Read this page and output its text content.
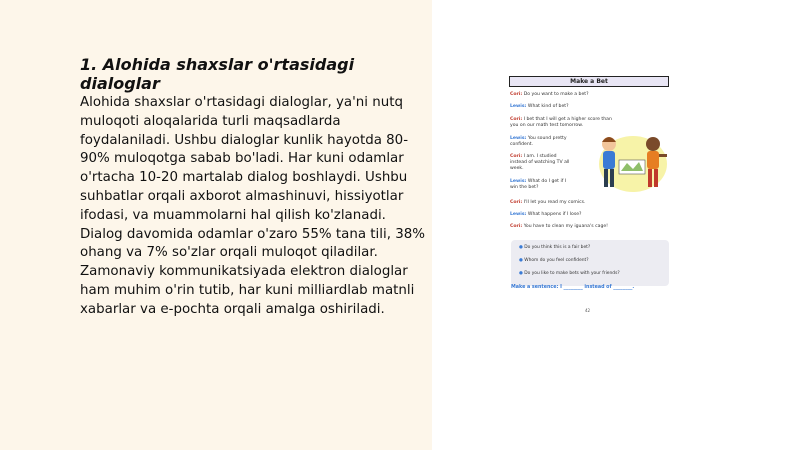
1. Alohida shaxslar o'rtasidagi dialoglar

Alohida shaxslar o'rtasidagi dialoglar, ya'ni nutq muloqoti aloqalarida turli maqsadlarda foydalaniladi. Ushbu dialoglar kunlik hayotda 80-90% muloqotga sabab bo'ladi. Har kuni odamlar o'rtacha 10-20 martalab dialog boshlaydi. Ushbu suhbatlar orqali axborot almashinuvi, hissiyotlar ifodasi, va muammolarni hal qilish ko'zlanadi. Dialog davomida odamlar o'zaro 55% tana tili, 38% ohang va 7% so'zlar orqali muloqot qiladilar. Zamonaviy kommunikatsiyada elektron dialoglar ham muhim o'rin tutib, har kuni milliardlab matnli xabarlar va e-pochta orqali amalga oshiriladi.

Make a Bet
Cori: Do you want to make a bet?
Lewis: What kind of bet?
Cori: I bet that I will get a higher score than you on our math test tomorrow.
Lewis: You sound pretty confident.
Cori: I am. I studied instead of watching TV all week.
Lewis: What do I get if I win the bet?
Cori: I'll let you read my comics.
Lewis: What happens if I lose?
Cori: You have to clean my iguana's cage!
● Do you think this is a fair bet?
● Whom do you feel confident?
● Do you like to make bets with your friends?
Make a sentence: I ________ instead of ________.
42
